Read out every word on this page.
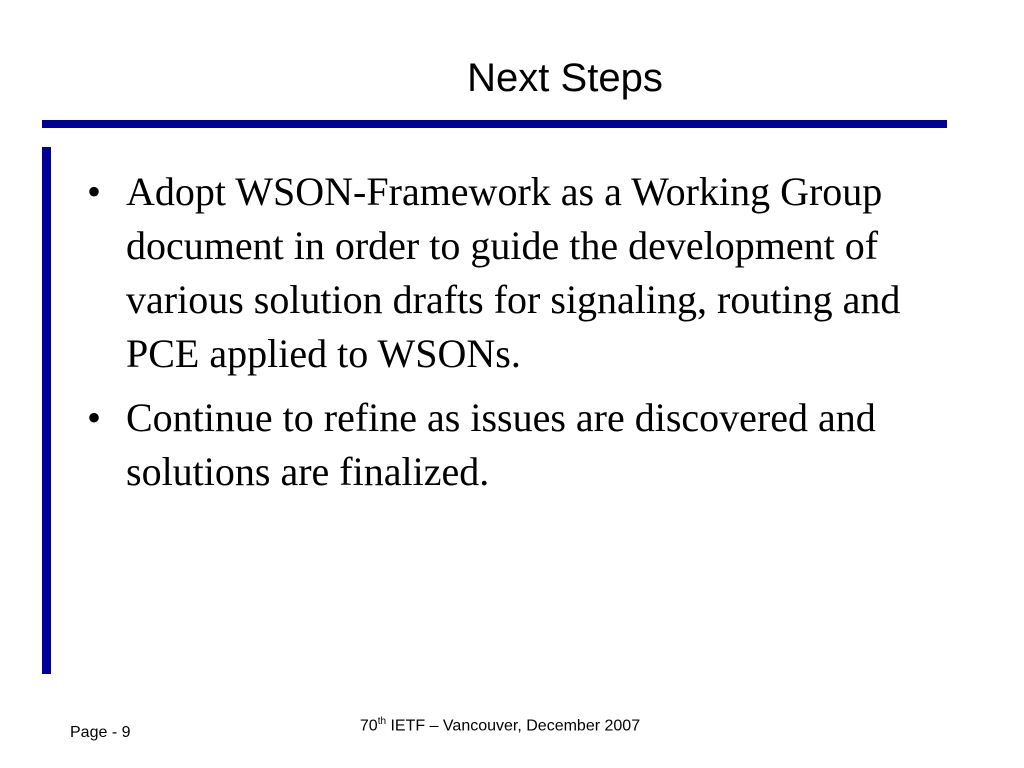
Next Steps
• Adopt WSON-Framework as a Working Group document in order to guide the development of various solution drafts for signaling, routing and PCE applied to WSONs.
• Continue to refine as issues are discovered and solutions are finalized.
Page - 9	70th IETF – Vancouver, December 2007
